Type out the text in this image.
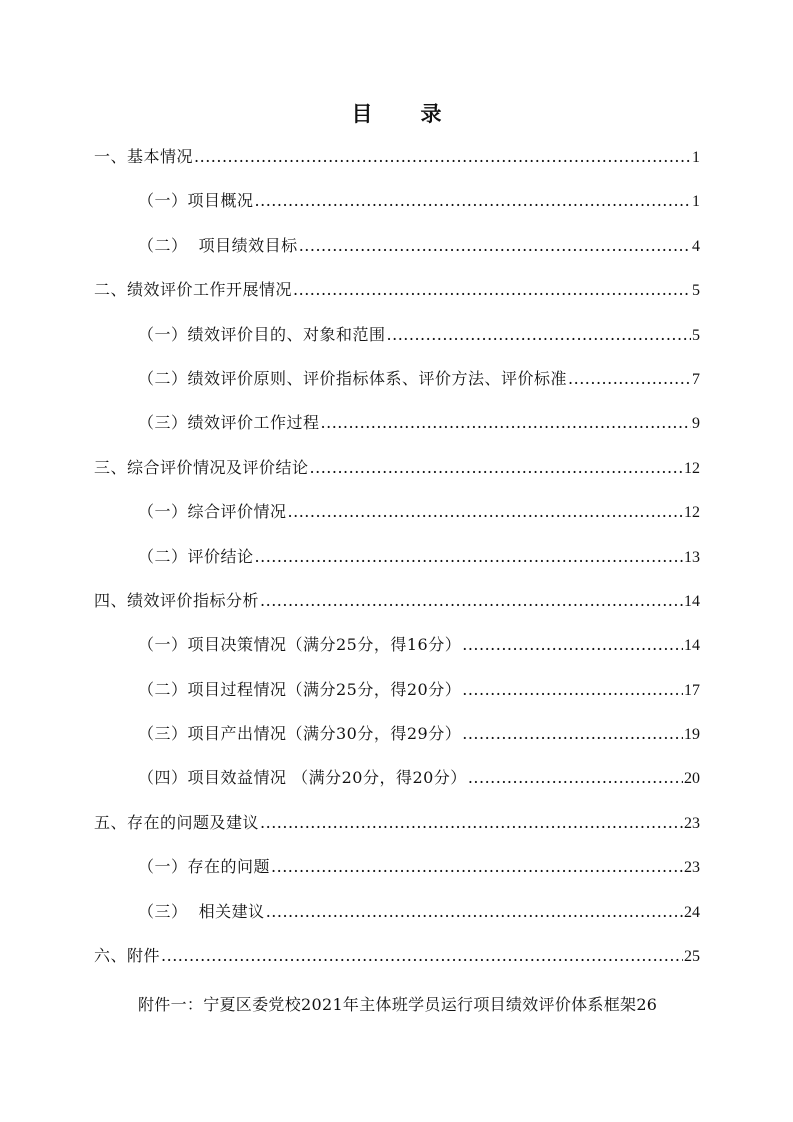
目 录
一、基本情况 .....	1
（一）项目概况 .....	1
（二）  项目绩效目标 .....	4
二、绩效评价工作开展情况 .....	5
（一）绩效评价目的、对象和范围 .....	5
（二）绩效评价原则、评价指标体系、评价方法、评价标准 .....	7
（三）绩效评价工作过程 .....	9
三、综合评价情况及评价结论 .....	12
（一）综合评价情况 .....	12
（二）评价结论 .....	13
四、绩效评价指标分析 .....	14
（一）项目决策情况（满分25分，得16分） .....	14
（二）项目过程情况（满分25分，得20分） .....	17
（三）项目产出情况（满分30分，得29分） .....	19
（四）项目效益情况 （满分20分，得20分） .....	20
五、存在的问题及建议 .....	23
（一）存在的问题 .....	23
（三）  相关建议 .....	24
六、附件 .....	25
附件一：宁夏区委党校2021年主体班学员运行项目绩效评价体系框架26
